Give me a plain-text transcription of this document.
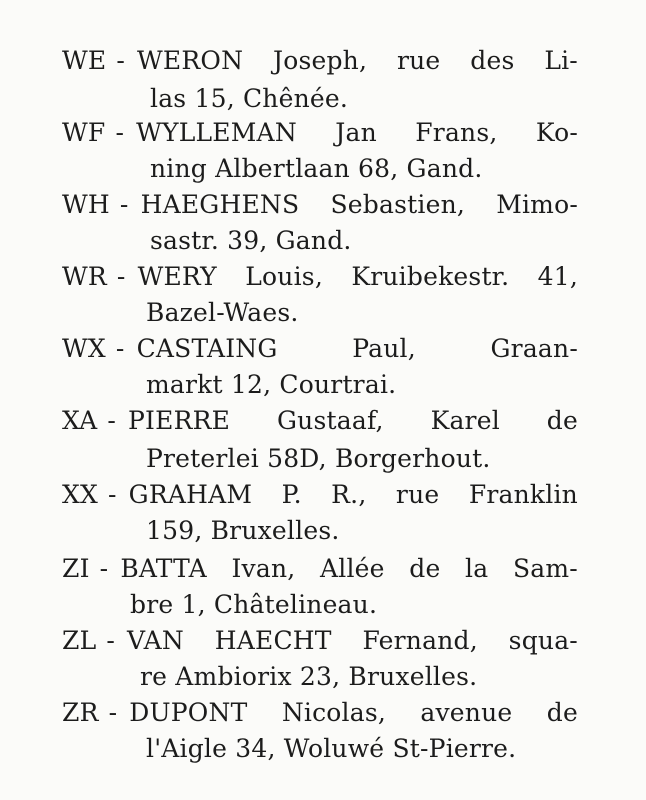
WE - WERON Joseph, rue des Li-
las 15, Chênée.
WF - WYLLEMAN Jan Frans, Ko-
ning Albertlaan 68, Gand.
WH - HAEGHENS Sebastien, Mimo-
sastr. 39, Gand.
WR - WERY Louis, Kruibekestr. 41,
Bazel-Waes.
WX - CASTAING	Paul,	Graan-
markt 12, Courtrai.
XA - PIERRE Gustaaf, Karel de
Preterlei 58D, Borgerhout.
XX - GRAHAM P. R., rue Franklin
159, Bruxelles.
ZI - BATTA Ivan, Allée de la Sam-
bre 1, Châtelineau.
ZL - VAN HAECHT Fernand, squa-
re Ambiorix 23, Bruxelles.
ZR - DUPONT Nicolas, avenue de
l'Aigle 34, Woluwé St-Pierre.
